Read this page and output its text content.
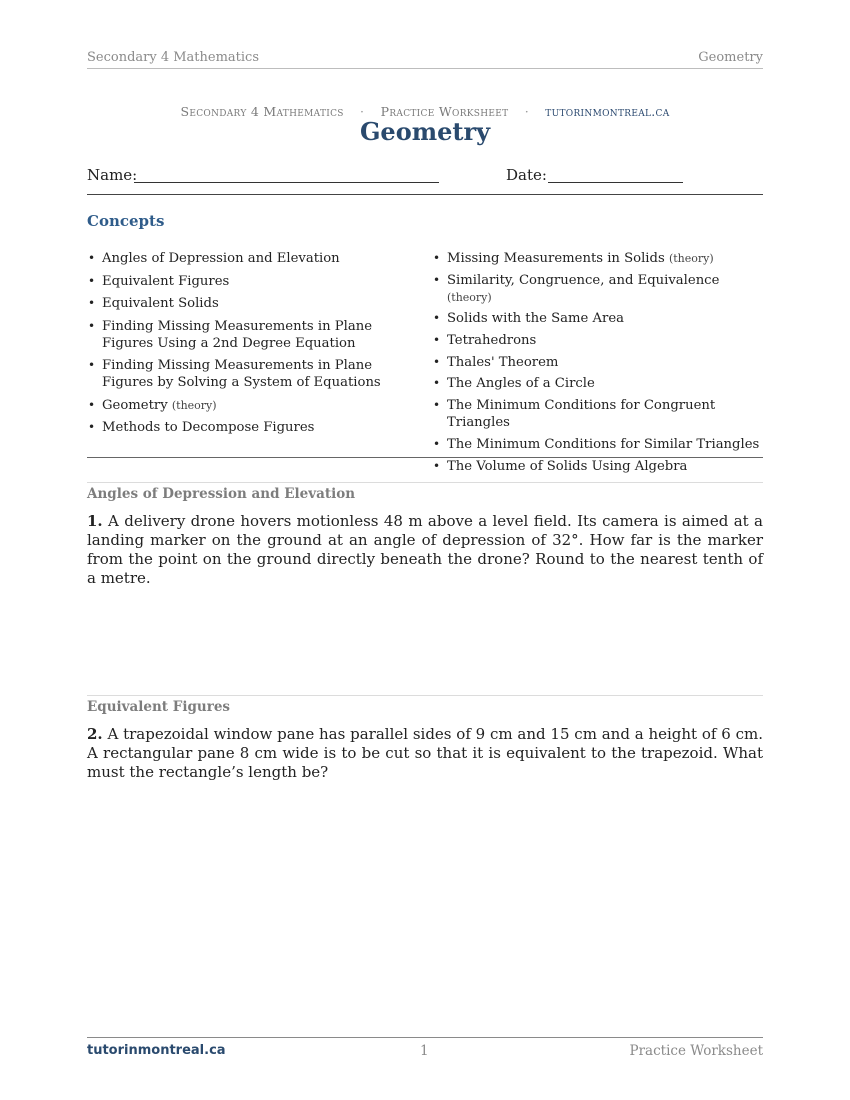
Secondary 4 Mathematics	Geometry
Secondary 4 Mathematics · Practice Worksheet · tutorinmontreal.ca
Geometry
Name:	Date:
Concepts
• Angles of Depression and Elevation
• Equivalent Figures
• Equivalent Solids
• Finding Missing Measurements in Plane Figures Using a 2nd Degree Equation
• Finding Missing Measurements in Plane Figures by Solving a System of Equations
• Geometry (theory)
• Methods to Decompose Figures
• Missing Measurements in Solids (theory)
• Similarity, Congruence, and Equivalence (theory)
• Solids with the Same Area
• Tetrahedrons
• Thales' Theorem
• The Angles of a Circle
• The Minimum Conditions for Congruent Triangles
• The Minimum Conditions for Similar Triangles
• The Volume of Solids Using Algebra
Angles of Depression and Elevation
1. A delivery drone hovers motionless 48 m above a level field. Its camera is aimed at a landing marker on the ground at an angle of depression of 32°. How far is the marker from the point on the ground directly beneath the drone? Round to the nearest tenth of a metre.
Equivalent Figures
2. A trapezoidal window pane has parallel sides of 9 cm and 15 cm and a height of 6 cm. A rectangular pane 8 cm wide is to be cut so that it is equivalent to the trapezoid. What must the rectangle’s length be?
tutorinmontreal.ca	1	Practice Worksheet
